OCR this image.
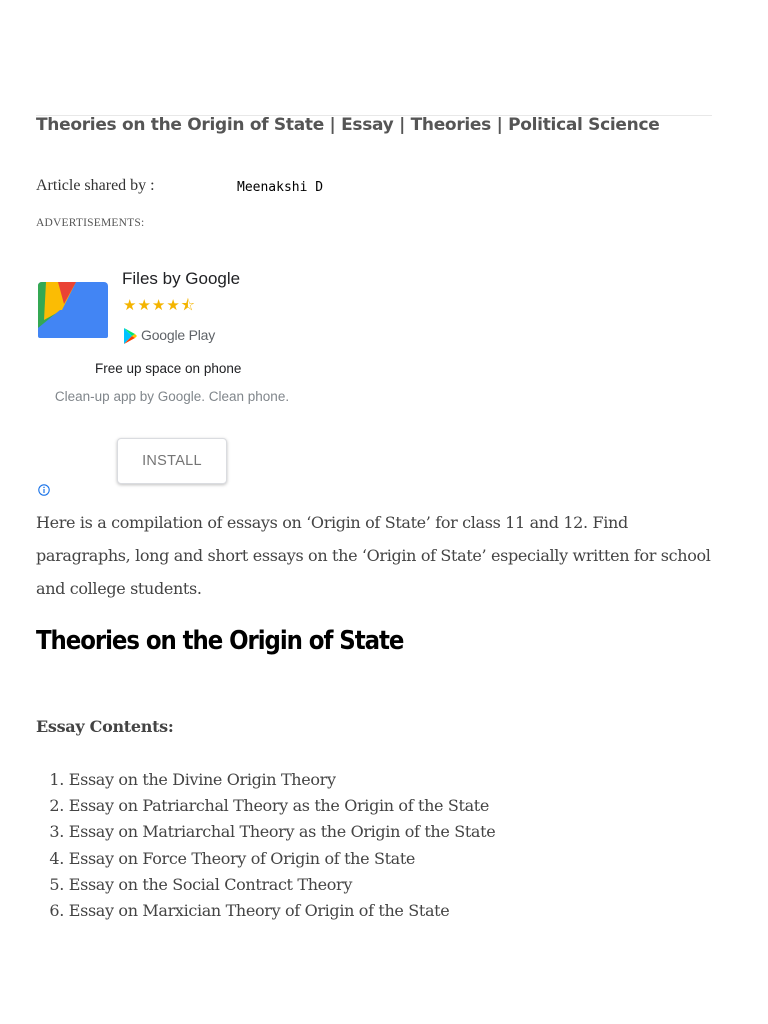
Theories on the Origin of State | Essay | Theories | Political Science
Article shared by :	Meenakshi D
ADVERTISEMENTS:
Files by Google
★★★★⯪
Google Play
Free up space on phone
Clean-up app by Google. Clean phone.
INSTALL

Here is a compilation of essays on ‘Origin of State’ for class 11 and 12. Find paragraphs, long and short essays on the ‘Origin of State’ especially written for school and college students.

Theories on the Origin of State
Essay Contents:
1. Essay on the Divine Origin Theory
2. Essay on Patriarchal Theory as the Origin of the State
3. Essay on Matriarchal Theory as the Origin of the State
4. Essay on Force Theory of Origin of the State
5. Essay on the Social Contract Theory
6. Essay on Marxician Theory of Origin of the State
